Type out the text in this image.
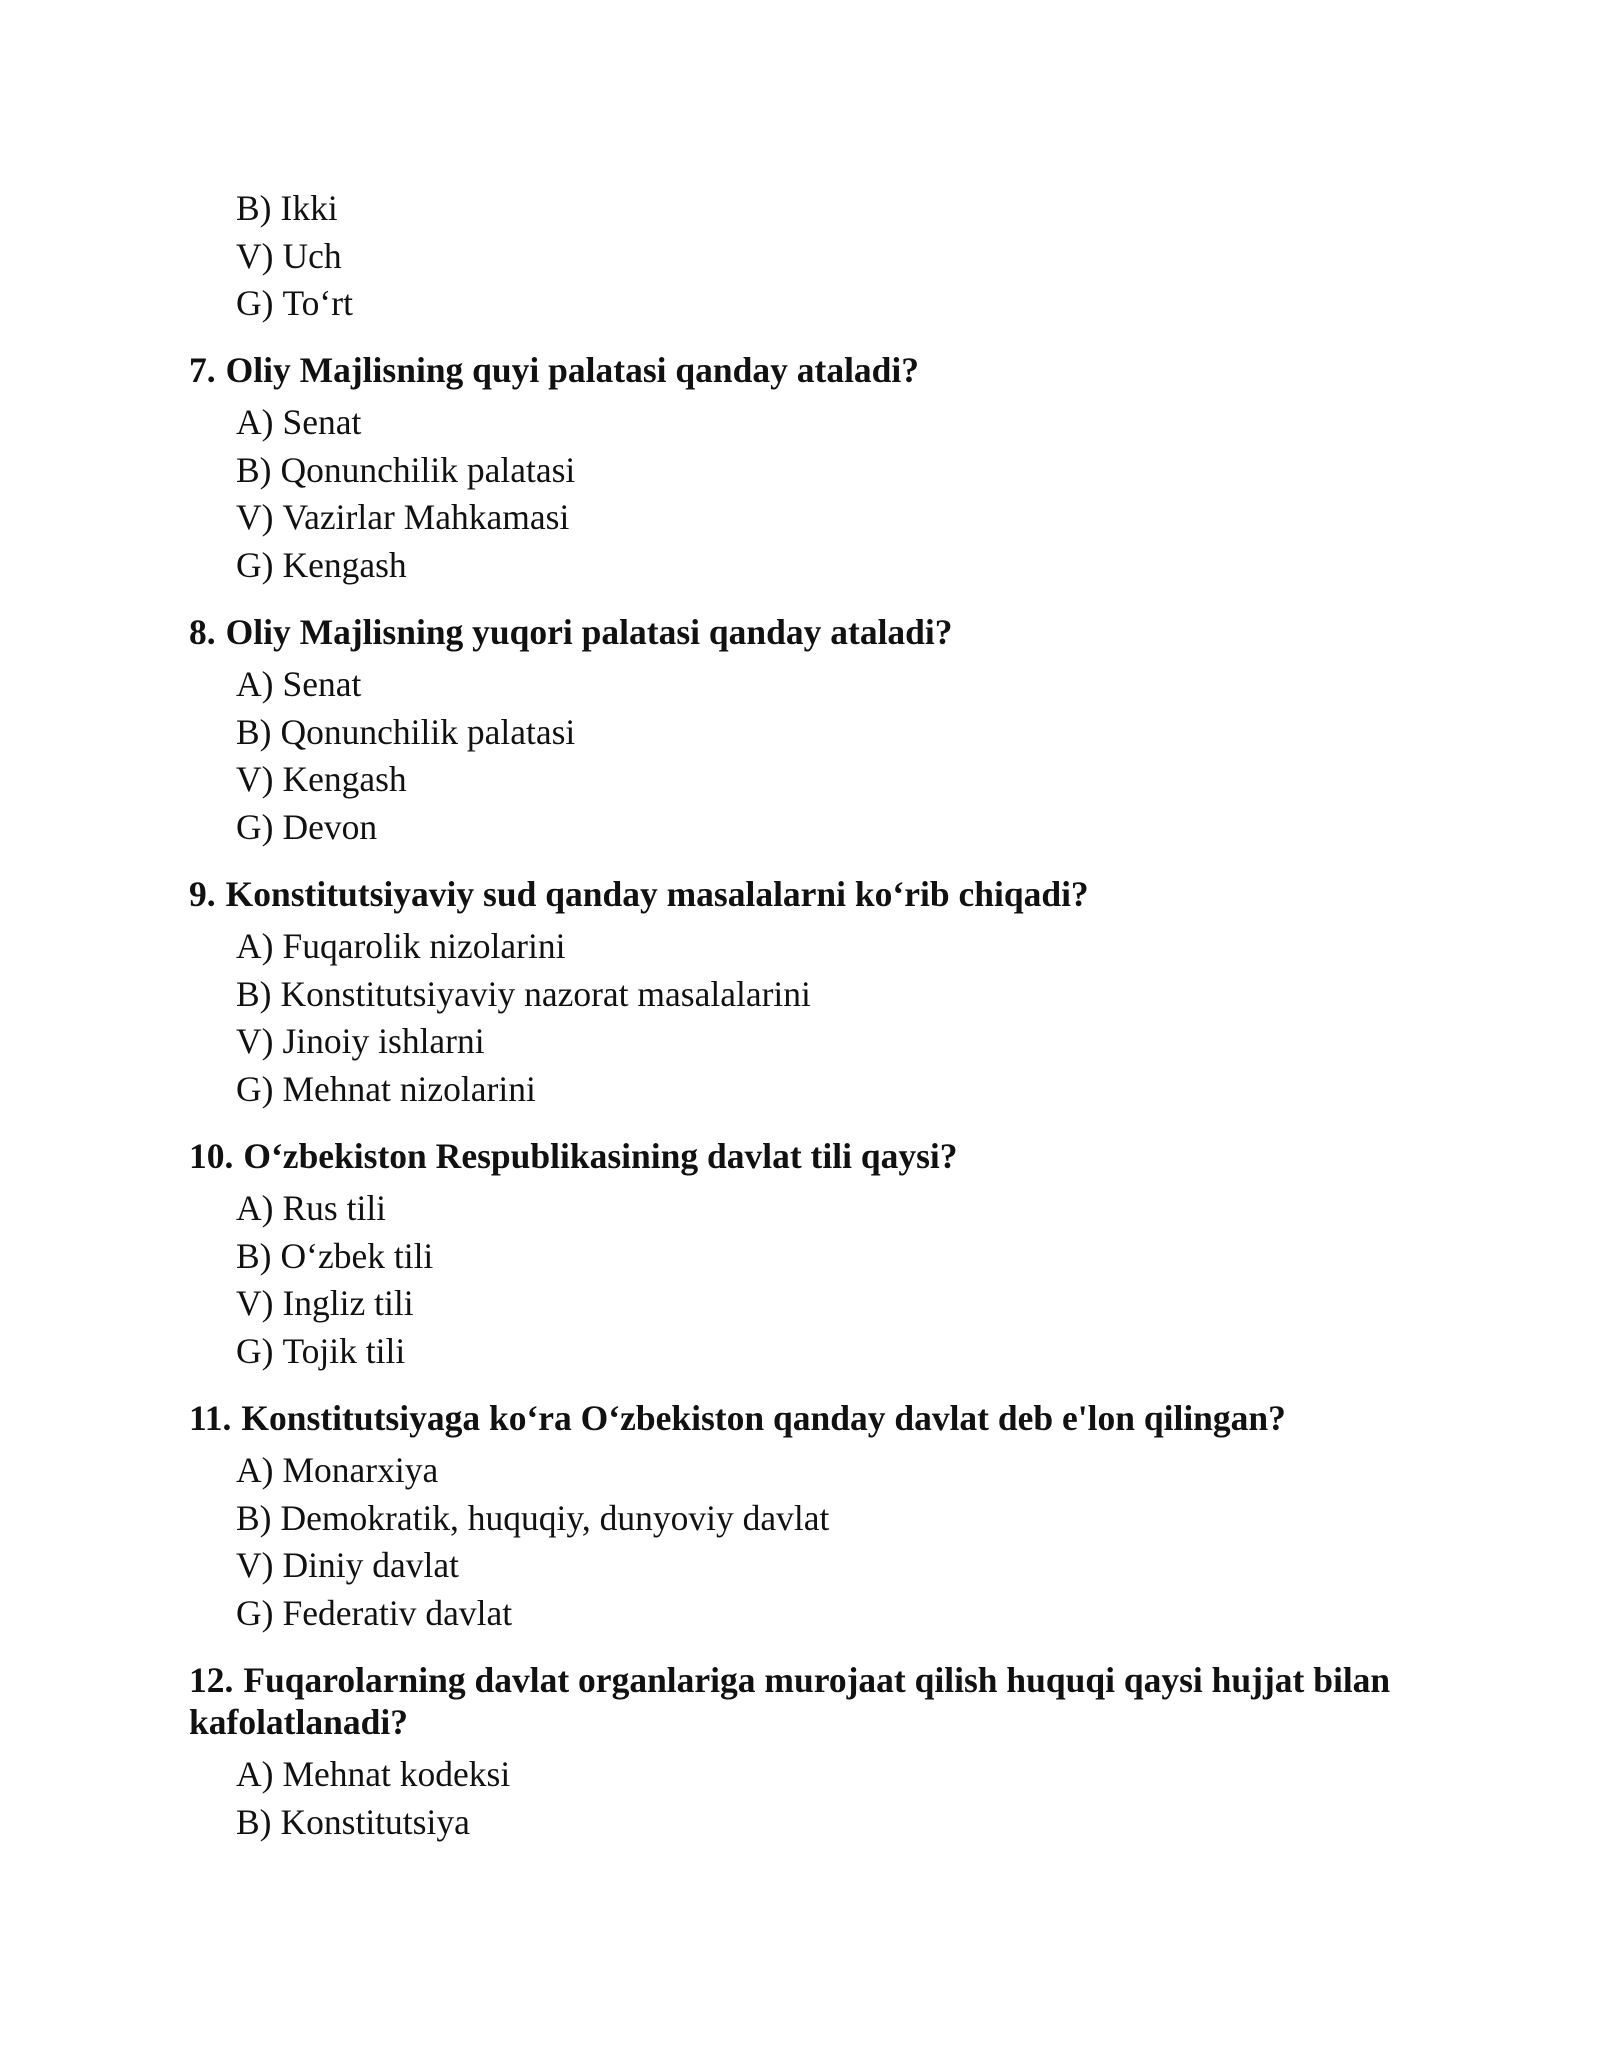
B) Ikki
V) Uch
G) To‘rt

7. Oliy Majlisning quyi palatasi qanday ataladi?

A) Senat
B) Qonunchilik palatasi
V) Vazirlar Mahkamasi
G) Kengash

8. Oliy Majlisning yuqori palatasi qanday ataladi?

A) Senat
B) Qonunchilik palatasi
V) Kengash
G) Devon

9. Konstitutsiyaviy sud qanday masalalarni ko‘rib chiqadi?

A) Fuqarolik nizolarini
B) Konstitutsiyaviy nazorat masalalarini
V) Jinoiy ishlarni
G) Mehnat nizolarini

10. O‘zbekiston Respublikasining davlat tili qaysi?

A) Rus tili
B) O‘zbek tili
V) Ingliz tili
G) Tojik tili

11. Konstitutsiyaga ko‘ra O‘zbekiston qanday davlat deb e'lon qilingan?

A) Monarxiya
B) Demokratik, huquqiy, dunyoviy davlat
V) Diniy davlat
G) Federativ davlat

12. Fuqarolarning davlat organlariga murojaat qilish huquqi qaysi hujjat bilan kafolatlanadi?

A) Mehnat kodeksi
B) Konstitutsiya
